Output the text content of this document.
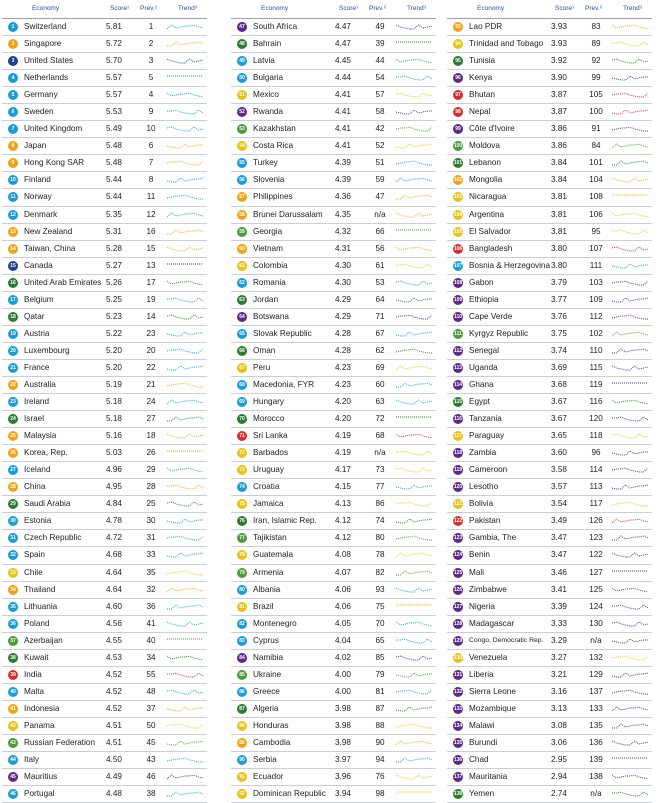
Economy	Score¹ Prev.²	Trend³
1	Switzerland	5.81	1
2	Singapore	5.72	2
3	United States	5.70	3
4	Netherlands	5.57	5
5	Germany	5.57	4
6	Sweden	5.53	9
7	United Kingdom	5.49	10
8	Japan	5.48	6
9	Hong Kong SAR	5.48	7
10 Finland	5.44	8
11 Norway	5.44	11
12 Denmark	5.35	12
13 New Zealand	5.31	16
14 Taiwan, China	5.28	15
15 Canada	5.27	13
16 United Arab Emirates 5.26	17
17 Belgium	5.25	19
18 Qatar	5.23	14
19 Austria	5.22	23
20 Luxembourg	5.20	20
21 France	5.20	22
22 Australia	5.19	21
23 Ireland	5.18	24
24 Israel	5.18	27
25 Malaysia	5.16	18
26 Korea, Rep.	5.03	26
27 Iceland	4.96	29
28 China	4.95	28
29 Saudi Arabia	4.84	25
30 Estonia	4.78	30
31 Czech Republic	4.72	31
32 Spain	4.68	33
33 Chile	4.64	35
34 Thailand	4.64	32
35 Lithuania	4.60	36
36 Poland	4.56	41
37 Azerbaijan	4.55	40
38 Kuwait	4.53	34
39 India	4.52	55
40 Malta	4.52	48
41 Indonesia	4.52	37
42 Panama	4.51	50
43 Russian Federation 4.51	45
44 Italy	4.50	43
45 Mauritius	4.49	46
46 Portugal	4.48	38
Economy	Score¹ Prev.²	Trend³
47 South Africa	4.47	49
48 Bahrain	4.47	39
49 Latvia	4.45	44
50 Bulgaria	4.44	54
51 Mexico	4.41	57
52 Rwanda	4.41	58
53 Kazakhstan	4.41	42
54 Costa Rica	4.41	52
55 Turkey	4.39	51
56 Slovenia	4.39	59
57 Philippines	4.36	47
58 Brunei Darussalam 4.35	n/a
59 Georgia	4.32	66
60 Vietnam	4.31	56
61 Colombia	4.30	61
62 Romania	4.30	53
63 Jordan	4.29	64
64 Botswana	4.29	71
65 Slovak Republic	4.28	67
66 Oman	4.28	62
67 Peru	4.23	69
68 Macedonia, FYR	4.23	60
69 Hungary	4.20	63
70 Morocco	4.20	72
71 Sri Lanka	4.19	68
72 Barbados	4.19	n/a
73 Uruguay	4.17	73
74 Croatia	4.15	77
75 Jamaica	4.13	86
76 Iran, Islamic Rep. 4.12	74
77 Tajikistan	4.12	80
78 Guatemala	4.08	78
79 Armenia	4.07	82
80 Albania	4.06	93
81 Brazil	4.06	75
82 Montenegro	4.05	70
83 Cyprus	4.04	65
84 Namibia	4.02	85
85 Ukraine	4.00	79
86 Greece	4.00	81
87 Algeria	3.98	87
88 Honduras	3.98	88
89 Cambodia	3.98	90
90 Serbia	3.97	94
91 Ecuador	3.96	76
92 Dominican Republic 3.94	98
Economy	Score¹ Prev.²	Trend³
93 Lao PDR	3.93	83
94 Trinidad and Tobago 3.93	89
95 Tunisia	3.92	92
96 Kenya	3.90	99
97 Bhutan	3.87	105
98 Nepal	3.87	100
99 Côte d'Ivoire	3.86	91
100 Moldova	3.86	84
101 Lebanon	3.84	101
102 Mongolia	3.84	104
103 Nicaragua	3.81	108
104 Argentina	3.81	106
105 El Salvador	3.81	95
106 Bangladesh	3.80	107
107 Bosnia & Herzegovina 3.80	111
108 Gabon	3.79	103
109 Ethiopia	3.77	109
110 Cape Verde	3.76	112
111 Kyrgyz Republic	3.75	102
112 Senegal	3.74	110
113 Uganda	3.69	115
114 Ghana	3.68	119
115 Egypt	3.67	116
116 Tanzania	3.67	120
117 Paraguay	3.65	118
118 Zambia	3.60	96
119 Cameroon	3.58	114
120 Lesotho	3.57	113
121 Bolivia	3.54	117
122 Pakistan	3.49	126
123 Gambia, The	3.47	123
124 Benin	3.47	122
125 Mali	3.46	127
126 Zimbabwe	3.41	125
127 Nigeria	3.39	124
128 Madagascar	3.33	130
129 Congo, Democratic Rep. 3.29	n/a
130 Venezuela	3.27	132
131 Liberia	3.21	129
132 Sierra Leone	3.16	137
133 Mozambique	3.13	133
134 Malawi	3.08	135
135 Burundi	3.06	136
136 Chad	2.95	139
137 Mauritania	2.94	138
138 Yemen	2.74	n/a
